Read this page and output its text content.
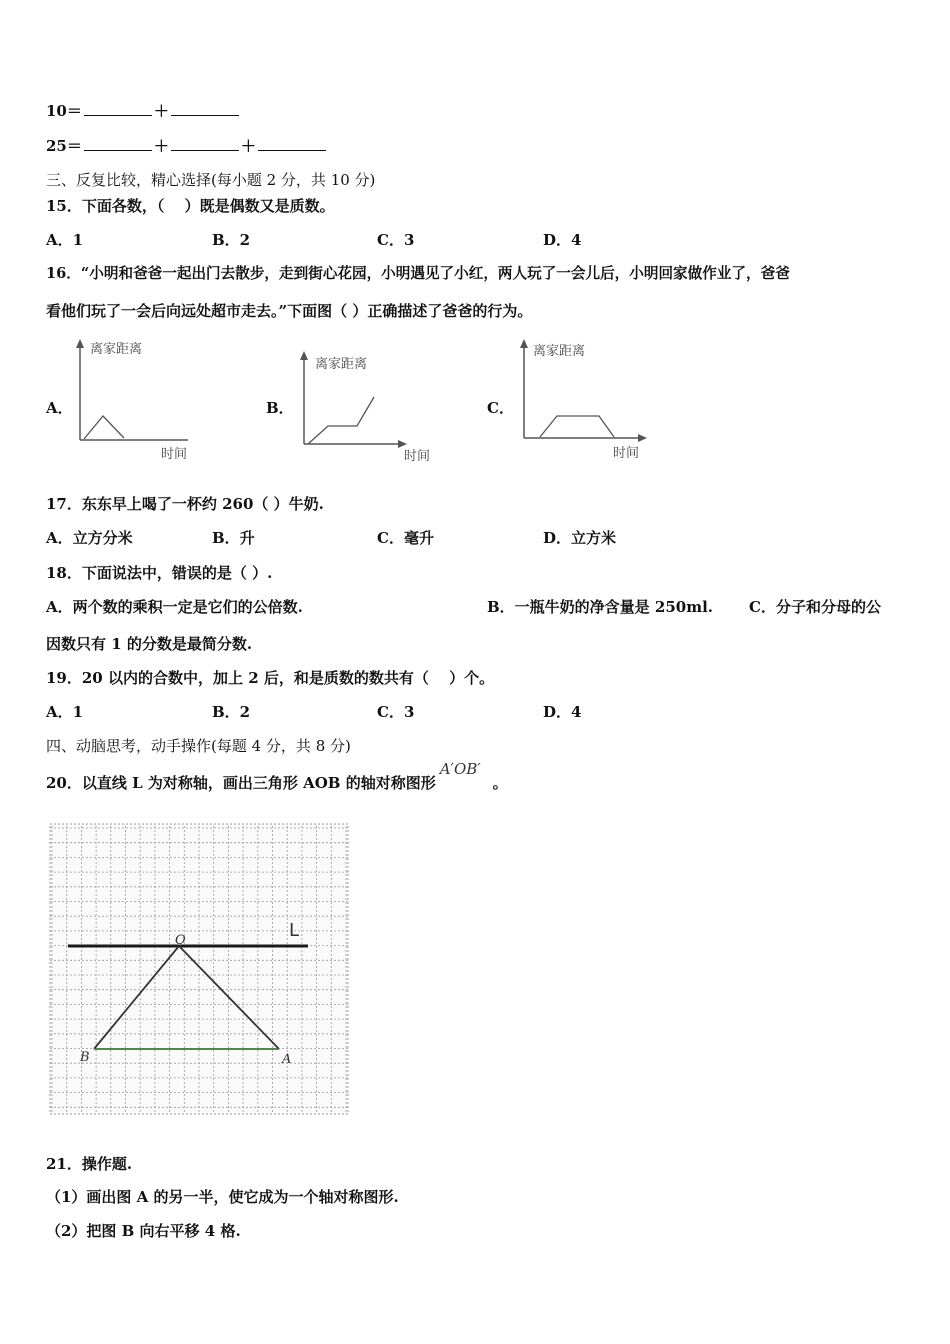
10＝	＋
25＝	＋	＋
三、反复比较，精心选择(每小题 2 分，共 10 分)
15．下面各数，（　 ）既是偶数又是质数。
A．1	B．2	C．3	D．4
16．“小明和爸爸一起出门去散步，走到街心花园，小明遇见了小红，两人玩了一会儿后，小明回家做作业了，爸爸
看他们玩了一会后向远处超市走去。”下面图（ ）正确描述了爸爸的行为。
A．
离家距离
时间
B．
离家距离
时间
C．
离家距离
时间
17．东东早上喝了一杯约 260（ ）牛奶.
A．立方分米	B．升	C．毫升	D．立方米
18．下面说法中，错误的是（ ）.
A．两个数的乘积一定是它们的公倍数.	B．一瓶牛奶的净含量是 250ml. C．分子和分母的公
因数只有 1 的分数是最简分数.
19．20 以内的合数中，加上 2 后，和是质数的数共有（　 ）个。
A．1	B．2	C．3	D．4
四、动脑思考，动手操作(每题 4 分，共 8 分)
20．以直线 L 为对称轴，画出三角形 AOB 的轴对称图形A′OB′。
L
O
B	A
21．操作题.
（1）画出图 A 的另一半，使它成为一个轴对称图形.
（2）把图 B 向右平移 4 格.
